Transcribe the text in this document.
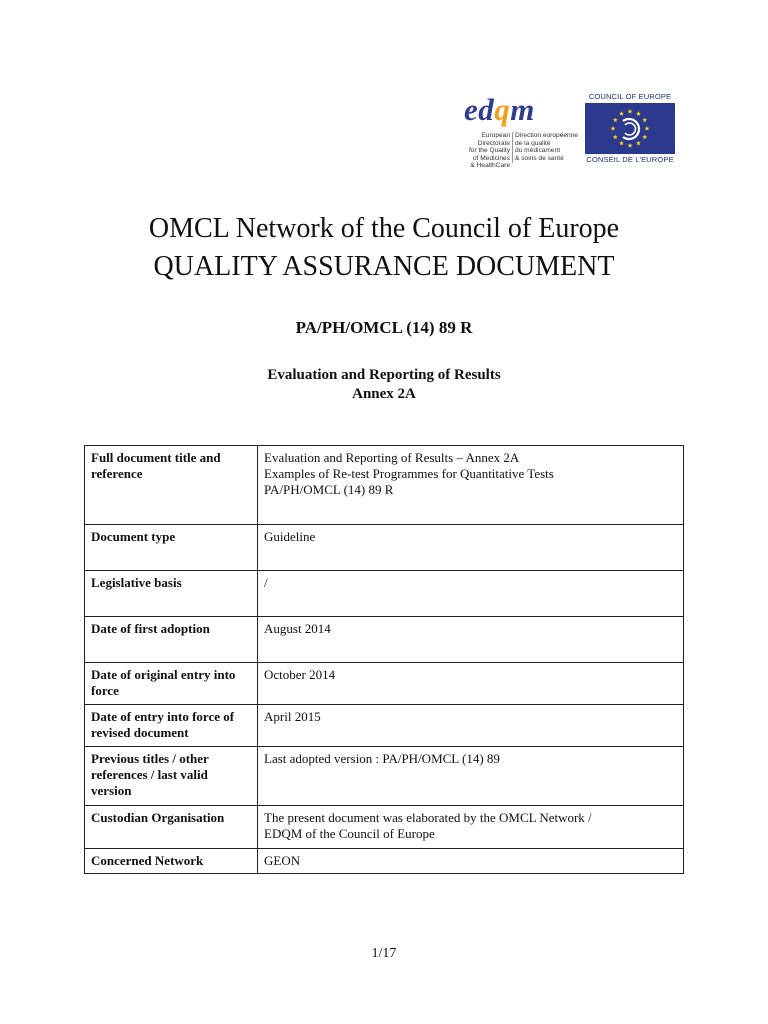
edqm
European Directorate
for the Quality
of Medicines
& HealthCare
Direction européenne
de la qualité
du médicament
& soins de santé
COUNCIL OF EUROPE
CONSEIL DE L'EUROPE
OMCL Network of the Council of Europe
QUALITY ASSURANCE DOCUMENT
PA/PH/OMCL (14) 89 R
Evaluation and Reporting of Results
Annex 2A
Full document title and reference	Evaluation and Reporting of Results – Annex 2A
Examples of Re-test Programmes for Quantitative Tests
PA/PH/OMCL (14) 89 R

Document type	Guideline

Legislative basis	/

Date of first adoption	August 2014

Date of original entry into force	October 2014

Date of entry into force of revised document	April 2015

Previous titles / other references / last valid version	Last adopted version : PA/PH/OMCL (14) 89

Custodian Organisation	The present document was elaborated by the OMCL Network /
EDQM of the Council of Europe

Concerned Network	GEON
1/17
